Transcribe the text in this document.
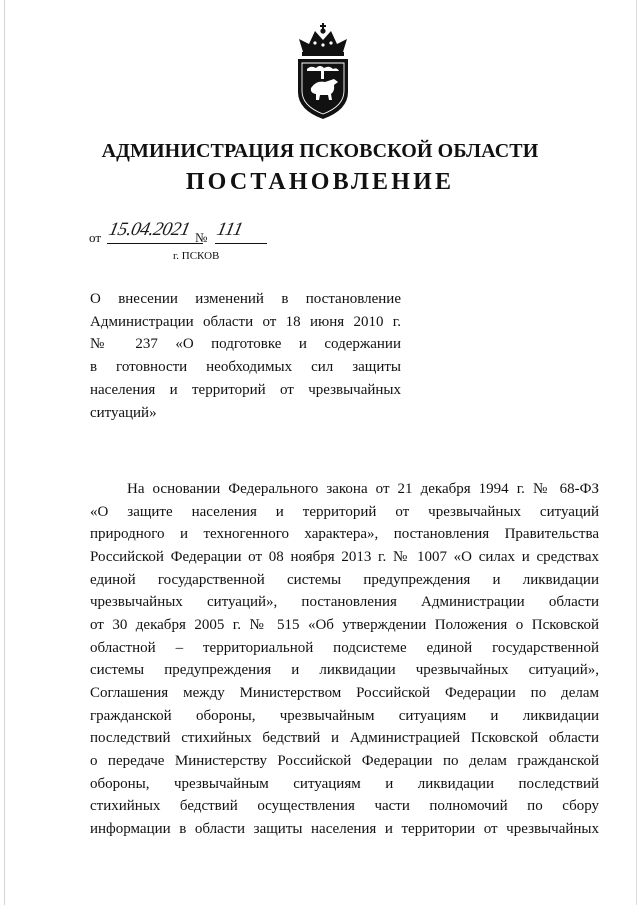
АДМИНИСТРАЦИЯ ПСКОВСКОЙ ОБЛАСТИ
ПОСТАНОВЛЕНИЕ
от 15.04.2021 № 111
г. ПСКОВ
О внесении изменений в постановление
Администрации области от 18 июня 2010 г.
№ 237 «О подготовке и содержании
в готовности необходимых сил защиты
населения и территорий от чрезвычайных
ситуаций»
На основании Федерального закона от 21 декабря 1994 г. № 68-ФЗ
«О защите населения и территорий от чрезвычайных ситуаций
природного и техногенного характера», постановления Правительства
Российской Федерации от 08 ноября 2013 г. № 1007 «О силах и средствах
единой государственной системы предупреждения и ликвидации
чрезвычайных ситуаций», постановления Администрации области
от 30 декабря 2005 г. № 515 «Об утверждении Положения о Псковской
областной – территориальной подсистеме единой государственной
системы предупреждения и ликвидации чрезвычайных ситуаций»,
Соглашения между Министерством Российской Федерации по делам
гражданской обороны, чрезвычайным ситуациям и ликвидации
последствий стихийных бедствий и Администрацией Псковской области
о передаче Министерству Российской Федерации по делам гражданской
обороны, чрезвычайным ситуациям и ликвидации последствий
стихийных бедствий осуществления части полномочий по сбору
информации в области защиты населения и территории от чрезвычайных
